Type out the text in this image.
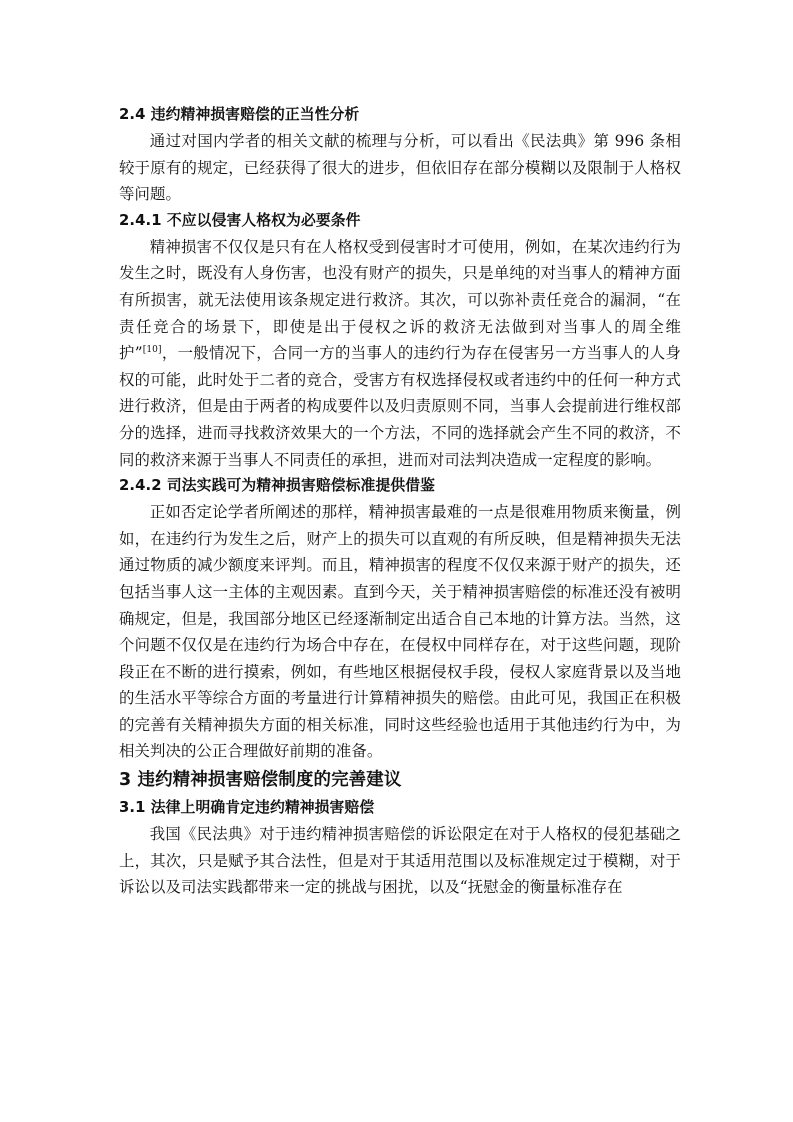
2.4 违约精神损害赔偿的正当性分析

通过对国内学者的相关文献的梳理与分析，可以看出《民法典》第 996 条相较于原有的规定，已经获得了很大的进步，但依旧存在部分模糊以及限制于人格权等问题。

2.4.1 不应以侵害人格权为必要条件

精神损害不仅仅是只有在人格权受到侵害时才可使用，例如，在某次违约行为发生之时，既没有人身伤害，也没有财产的损失，只是单纯的对当事人的精神方面有所损害，就无法使用该条规定进行救济。其次，可以弥补责任竞合的漏洞，“在责任竞合的场景下，即使是出于侵权之诉的救济无法做到对当事人的周全维护”[10]，一般情况下，合同一方的当事人的违约行为存在侵害另一方当事人的人身权的可能，此时处于二者的竞合，受害方有权选择侵权或者违约中的任何一种方式进行救济，但是由于两者的构成要件以及归责原则不同，当事人会提前进行维权部分的选择，进而寻找救济效果大的一个方法，不同的选择就会产生不同的救济，不同的救济来源于当事人不同责任的承担，进而对司法判决造成一定程度的影响。

2.4.2 司法实践可为精神损害赔偿标准提供借鉴

正如否定论学者所阐述的那样，精神损害最难的一点是很难用物质来衡量，例如，在违约行为发生之后，财产上的损失可以直观的有所反映，但是精神损失无法通过物质的减少额度来评判。而且，精神损害的程度不仅仅来源于财产的损失，还包括当事人这一主体的主观因素。直到今天，关于精神损害赔偿的标准还没有被明确规定，但是，我国部分地区已经逐渐制定出适合自己本地的计算方法。当然，这个问题不仅仅是在违约行为场合中存在，在侵权中同样存在，对于这些问题，现阶段正在不断的进行摸索，例如，有些地区根据侵权手段，侵权人家庭背景以及当地的生活水平等综合方面的考量进行计算精神损失的赔偿。由此可见，我国正在积极的完善有关精神损失方面的相关标准，同时这些经验也适用于其他违约行为中，为相关判决的公正合理做好前期的准备。

3 违约精神损害赔偿制度的完善建议

3.1 法律上明确肯定违约精神损害赔偿

我国《民法典》对于违约精神损害赔偿的诉讼限定在对于人格权的侵犯基础之上，其次，只是赋予其合法性，但是对于其适用范围以及标准规定过于模糊，对于诉讼以及司法实践都带来一定的挑战与困扰，以及“抚慰金的衡量标准存在
